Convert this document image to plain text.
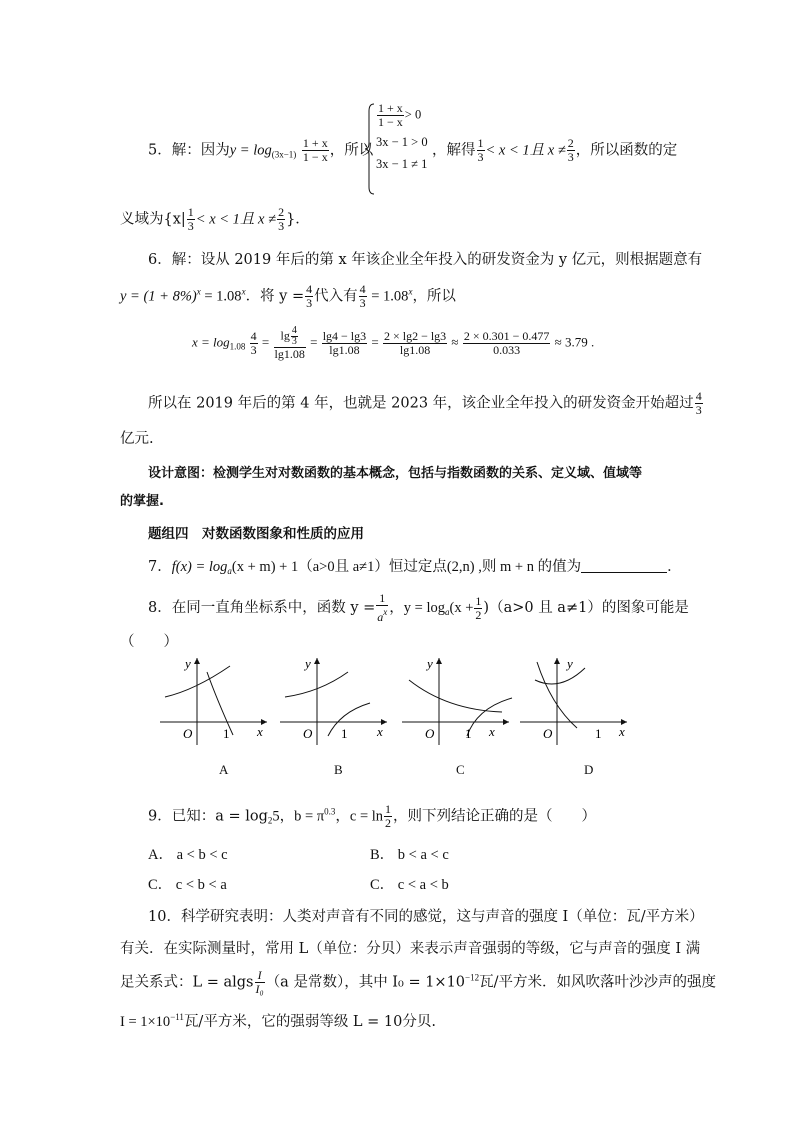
5．解：因为$y = \log_{(3x-1)} \frac{1 + x}{1 - x}$ ，所以
$\frac{1 + x}{1 - x} > 0$
3x − 1 > 0
3x − 1 ≠ 1
，解得 $\frac{1}{3} < x < 1$且 $x \ne \frac{2}{3}$ ，所以函数的定
义域为{$x| \frac{1}{3} < x < 1$且 $x \ne \frac{2}{3}$ }．
6．解：设从 2019 年后的第 x 年该企业全年投入的研发资金为 y 亿元，则根据题意有
$y = (1 + 8\%)^x = 1.08^x$．将 $y = \frac{4}{3}$ 代入有 $\frac{4}{3} = 1.08^x$，所以
$x = \log_{1.08} \frac{4}{3} = \frac{\lg \frac{4}{3}}{\lg 1.08} = \frac{\lg 4 - \lg 3}{\lg 1.08} = \frac{2 \times \lg 2 - \lg 3}{\lg 1.08} \approx \frac{2 \times 0.301 - 0.477}{0.033} \approx 3.79$ .
所以在 2019 年后的第 4 年，也就是 2023 年，该企业全年投入的研发资金开始超过 $\frac{4}{3}$
亿元.
设计意图：检测学生对对数函数的基本概念，包括与指数函数的关系、定义域、值域等
的掌握.
题组四　对数函数图象和性质的应用
7．$f(x) = \log_a(x + m) + 1(a>0$且 a≠1）恒过定点(2,n) ,则 m + n 的值为	．
8．在同一直角坐标系中，函数 $y = \frac{1}{a^x}$ ，$y = \log_a(x + \frac{1}{2} )(a>0$ 且 a≠1）的图象可能是
（　　）
y
x
O 1
A
y
x
O 1
B
y
x
O 1
C
y
x
O	1
D
9．已知：$a = \log_25$，$b = \pi^{0.3}$，$c = \ln \frac{1}{2}$ ，则下列结论正确的是（　　）
A． a < b < c	B． b < a < c
C． c < b < a	C． c < a < b
10．科学研究表明：人类对声音有不同的感觉，这与声音的强度 I（单位：瓦/平方米）
有关．在实际测量时，常用 L（单位：分贝）来表示声音强弱的等级，它与声音的强度 I 满
足关系式：L = algs $\frac{I}{\text{I₀}} (a$ 是常数），其中 $I_0 = 1\times 10^{-12}$瓦/平方米．如风吹落叶沙沙声的强度
$I = 1\times 10^{-11}$瓦/平方米，它的强弱等级 L = 10分贝.
